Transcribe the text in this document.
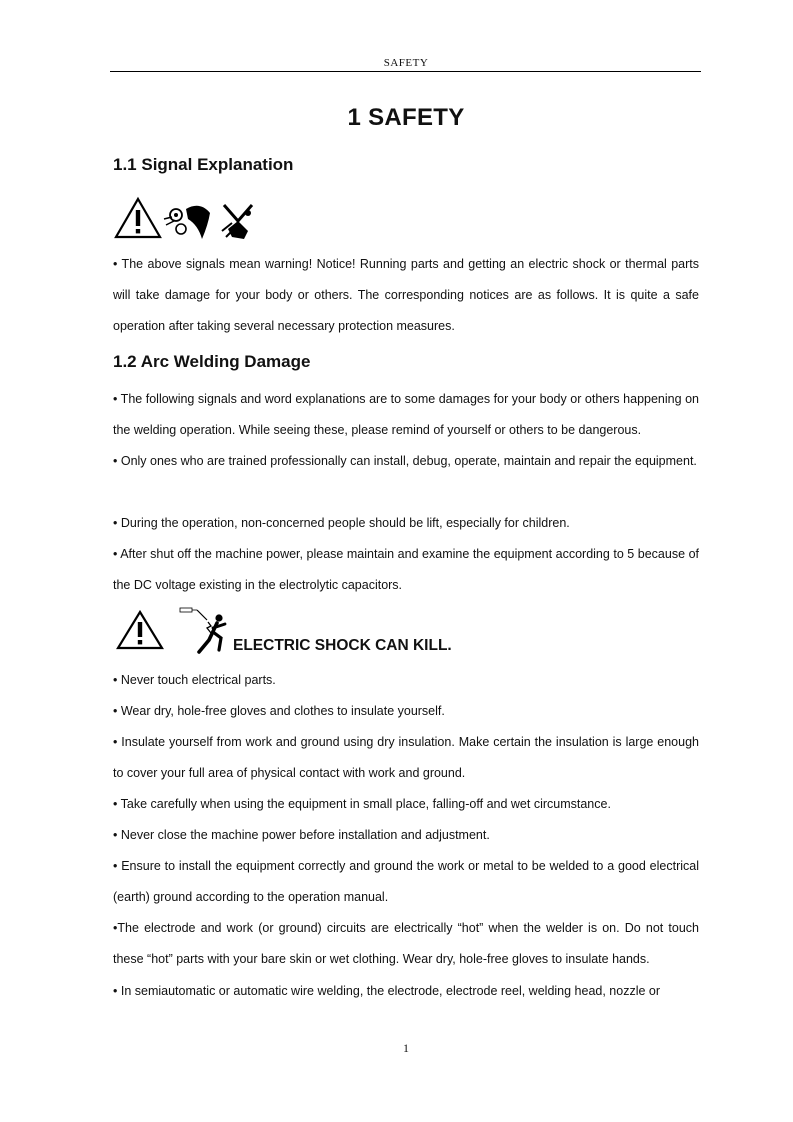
SAFETY
1 SAFETY
1.1 Signal Explanation
• The above signals mean warning! Notice! Running parts and getting an electric shock or thermal parts will take damage for your body or others. The corresponding notices are as follows. It is quite a safe operation after taking several necessary protection measures.
1.2 Arc Welding Damage
• The following signals and word explanations are to some damages for your body or others happening on the welding operation. While seeing these, please remind of yourself or others to be dangerous.
• Only ones who are trained professionally can install, debug, operate, maintain and repair the equipment.
• During the operation, non-concerned people should be lift, especially for children.
• After shut off the machine power, please maintain and examine the equipment according to 5 because of the DC voltage existing in the electrolytic capacitors.
ELECTRIC SHOCK CAN KILL.
• Never touch electrical parts.
• Wear dry, hole-free gloves and clothes to insulate yourself.
• Insulate yourself from work and ground using dry insulation. Make certain the insulation is large enough to cover your full area of physical contact with work and ground.
• Take carefully when using the equipment in small place, falling-off and wet circumstance.
• Never close the machine power before installation and adjustment.
• Ensure to install the equipment correctly and ground the work or metal to be welded to a good electrical (earth) ground according to the operation manual.
•The electrode and work (or ground) circuits are electrically “hot” when the welder is on. Do not touch these “hot” parts with your bare skin or wet clothing. Wear dry, hole-free gloves to insulate hands.
• In semiautomatic or automatic wire welding, the electrode, electrode reel, welding head, nozzle or
1
